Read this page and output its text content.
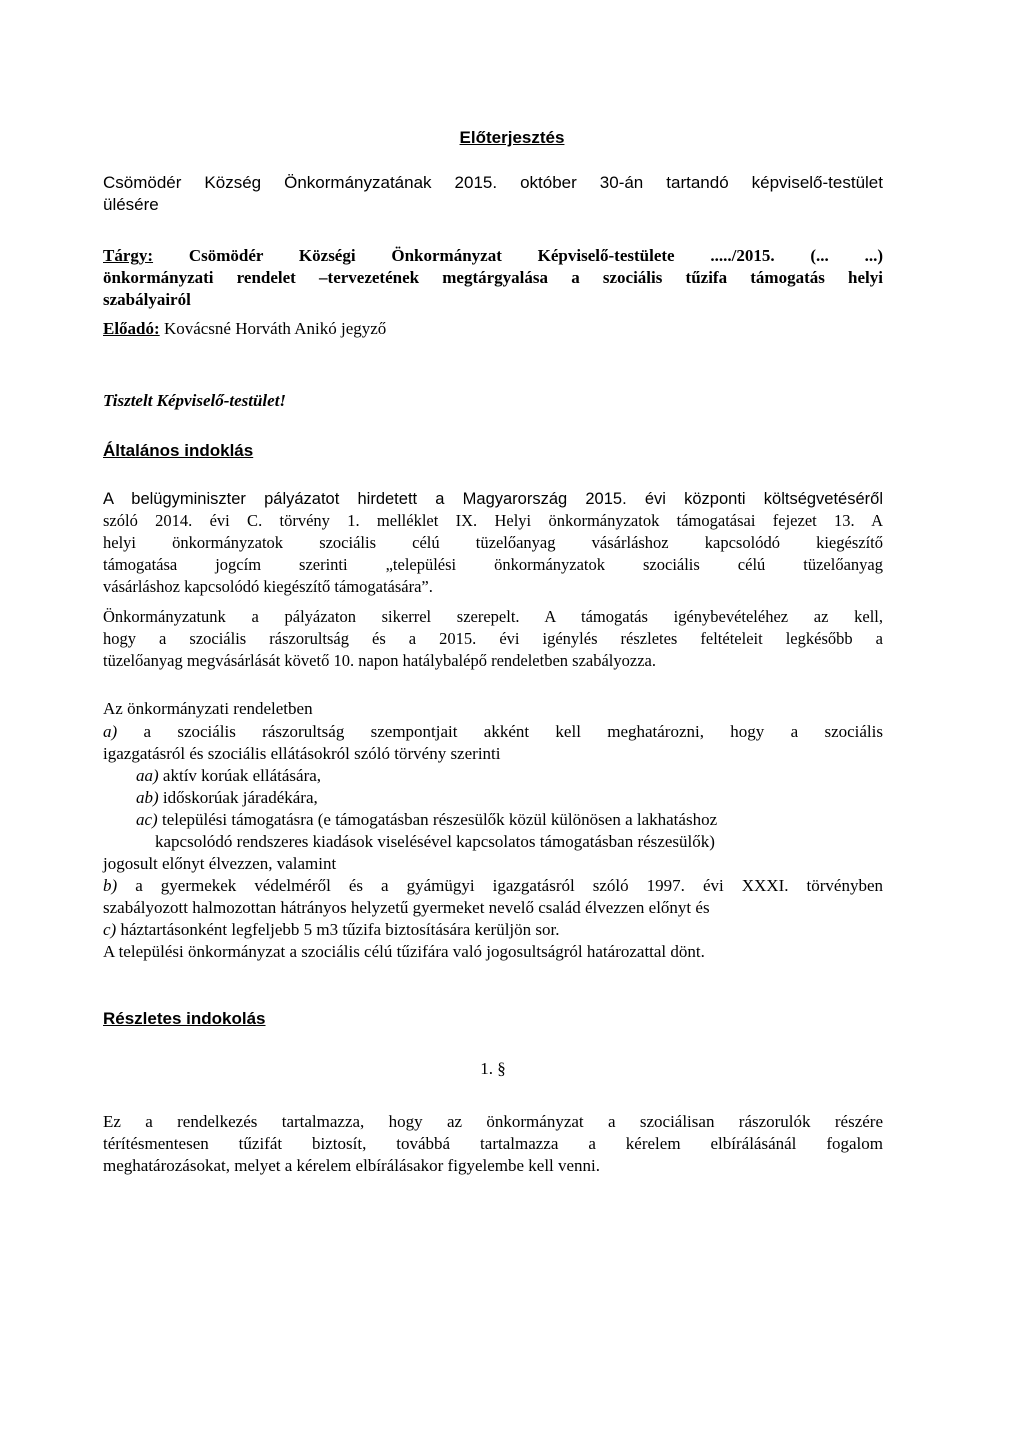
Előterjesztés
Csömödér Község Önkormányzatának 2015. október 30-án tartandó képviselő-testület
ülésére
Tárgy: Csömödér Községi Önkormányzat Képviselő-testülete ...../2015. (... ...)
önkormányzati rendelet –tervezetének megtárgyalása a szociális tűzifa támogatás helyi
szabályairól
Előadó: Kovácsné Horváth Anikó jegyző
Tisztelt Képviselő-testület!
Általános indoklás
A belügyminiszter pályázatot hirdetett a Magyarország 2015. évi központi költségvetéséről
szóló 2014. évi C. törvény 1. melléklet IX. Helyi önkormányzatok támogatásai fejezet 13. A
helyi önkormányzatok szociális célú tüzelőanyag vásárláshoz kapcsolódó kiegészítő
támogatása jogcím szerinti „települési önkormányzatok szociális célú tüzelőanyag
vásárláshoz kapcsolódó kiegészítő támogatására”.
Önkormányzatunk a pályázaton sikerrel szerepelt. A támogatás igénybevételéhez az kell,
hogy a szociális rászorultság és a 2015. évi igénylés részletes feltételeit legkésőbb a
tüzelőanyag megvásárlását követő 10. napon hatálybalépő rendeletben szabályozza.
Az önkormányzati rendeletben
a) a szociális rászorultság szempontjait akként kell meghatározni, hogy a szociális
igazgatásról és szociális ellátásokról szóló törvény szerinti
aa) aktív korúak ellátására,
ab) időskorúak járadékára,
ac) települési támogatásra (e támogatásban részesülők közül különösen a lakhatáshoz
kapcsolódó rendszeres kiadások viselésével kapcsolatos támogatásban részesülők)
jogosult előnyt élvezzen, valamint
b) a gyermekek védelméről és a gyámügyi igazgatásról szóló 1997. évi XXXI. törvényben
szabályozott halmozottan hátrányos helyzetű gyermeket nevelő család élvezzen előnyt és
c) háztartásonként legfeljebb 5 m3 tűzifa biztosítására kerüljön sor.
A települési önkormányzat a szociális célú tűzifára való jogosultságról határozattal dönt.
Részletes indokolás
1. §
Ez a rendelkezés tartalmazza, hogy az önkormányzat a szociálisan rászorulók részére
térítésmentesen tűzifát biztosít, továbbá tartalmazza a kérelem elbírálásánál fogalom
meghatározásokat, melyet a kérelem elbírálásakor figyelembe kell venni.
